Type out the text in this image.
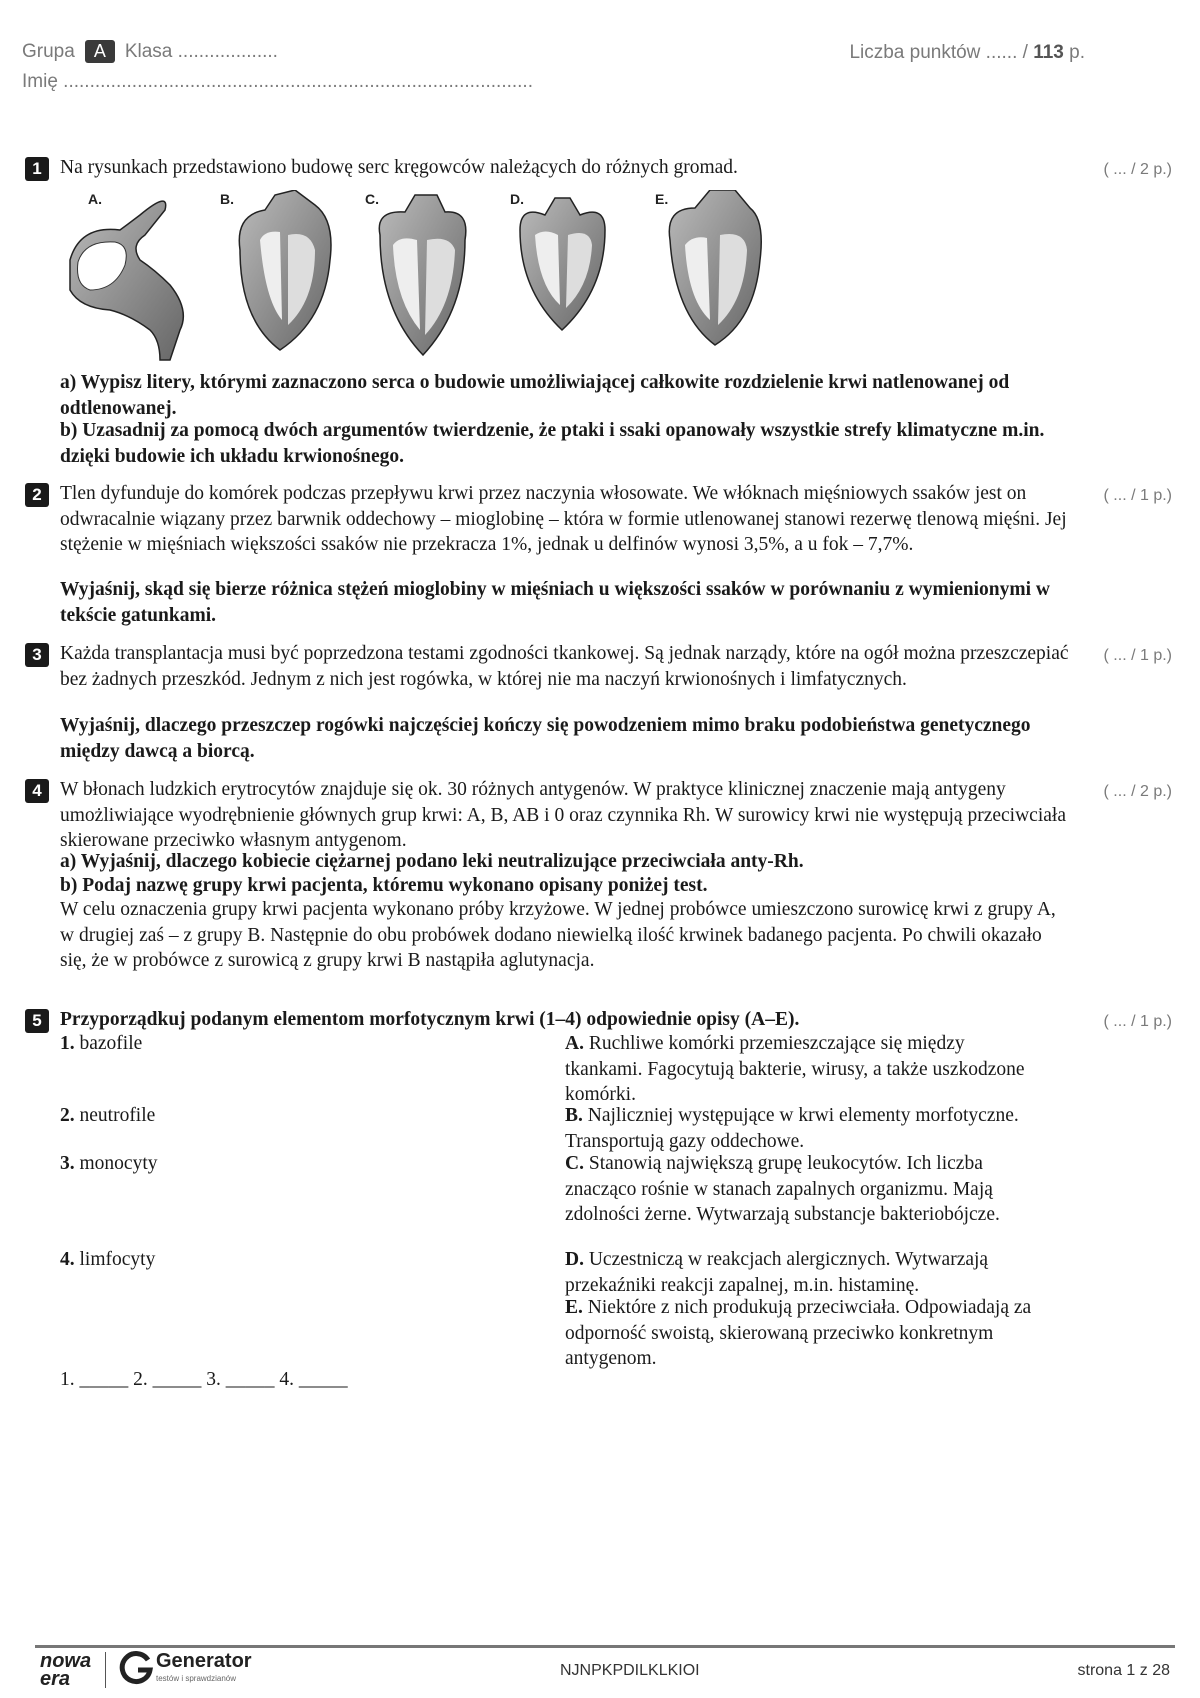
Grupa A Klasa ...................
Imię .........................................................................................
Liczba punktów ...... / 113 p.
1 Na rysunkach przedstawiono budowę serc kręgowców należących do różnych gromad.	( ... / 2 p.)
A.	B.	C.	D.	E.
a) Wypisz litery, którymi zaznaczono serca o budowie umożliwiającej całkowite rozdzielenie krwi natlenowanej od odtlenowanej.
b) Uzasadnij za pomocą dwóch argumentów twierdzenie, że ptaki i ssaki opanowały wszystkie strefy klimatyczne m.in. dzięki budowie ich układu krwionośnego.
2 Tlen dyfunduje do komórek podczas przepływu krwi przez naczynia włosowate. We włóknach mięśniowych ssaków jest on odwracalnie wiązany przez barwnik oddechowy – mioglobinę – która w formie utlenowanej stanowi rezerwę tlenową mięśni. Jej stężenie w mięśniach większości ssaków nie przekracza 1%, jednak u delfinów wynosi 3,5%, a u fok – 7,7%.
Wyjaśnij, skąd się bierze różnica stężeń mioglobiny w mięśniach u większości ssaków w porównaniu z wymienionymi w tekście gatunkami.
( ... / 1 p.)
3 Każda transplantacja musi być poprzedzona testami zgodności tkankowej. Są jednak narządy, które na ogół można przeszczepiać bez żadnych przeszkód. Jednym z nich jest rogówka, w której nie ma naczyń krwionośnych i limfatycznych.
Wyjaśnij, dlaczego przeszczep rogówki najczęściej kończy się powodzeniem mimo braku podobieństwa genetycznego między dawcą a biorcą.
( ... / 1 p.)
4 W błonach ludzkich erytrocytów znajduje się ok. 30 różnych antygenów. W praktyce klinicznej znaczenie mają antygeny umożliwiające wyodrębnienie głównych grup krwi: A, B, AB i 0 oraz czynnika Rh. W surowicy krwi nie występują przeciwciała skierowane przeciwko własnym antygenom.
a) Wyjaśnij, dlaczego kobiecie ciężarnej podano leki neutralizujące przeciwciała anty-Rh.
b) Podaj nazwę grupy krwi pacjenta, któremu wykonano opisany poniżej test.
W celu oznaczenia grupy krwi pacjenta wykonano próby krzyżowe. W jednej probówce umieszczono surowicę krwi z grupy A, w drugiej zaś – z grupy B. Następnie do obu probówek dodano niewielką ilość krwinek badanego pacjenta. Po chwili okazało się, że w probówce z surowicą z grupy krwi B nastąpiła aglutynacja.
( ... / 2 p.)
5 Przyporządkuj podanym elementom morfotycznym krwi (1–4) odpowiednie opisy (A–E).	( ... / 1 p.)
1. bazofile
2. neutrofile
3. monocyty
4. limfocyty
A. Ruchliwe komórki przemieszczające się między tkankami. Fagocytują bakterie, wirusy, a także uszkodzone komórki.
B. Najliczniej występujące w krwi elementy morfotyczne. Transportują gazy oddechowe.
C. Stanowią największą grupę leukocytów. Ich liczba znacząco rośnie w stanach zapalnych organizmu. Mają zdolności żerne. Wytwarzają substancje bakteriobójcze.
D. Uczestniczą w reakcjach alergicznych. Wytwarzają przekaźniki reakcji zapalnej, m.in. histaminę.
E. Niektóre z nich produkują przeciwciała. Odpowiadają za odporność swoistą, skierowaną przeciwko konkretnym antygenom.
1. _____ 2. _____ 3. _____ 4. _____
nowa era
Generator
testów i sprawdzianów	NJNPKPDILKLKIOI	strona 1 z 28
